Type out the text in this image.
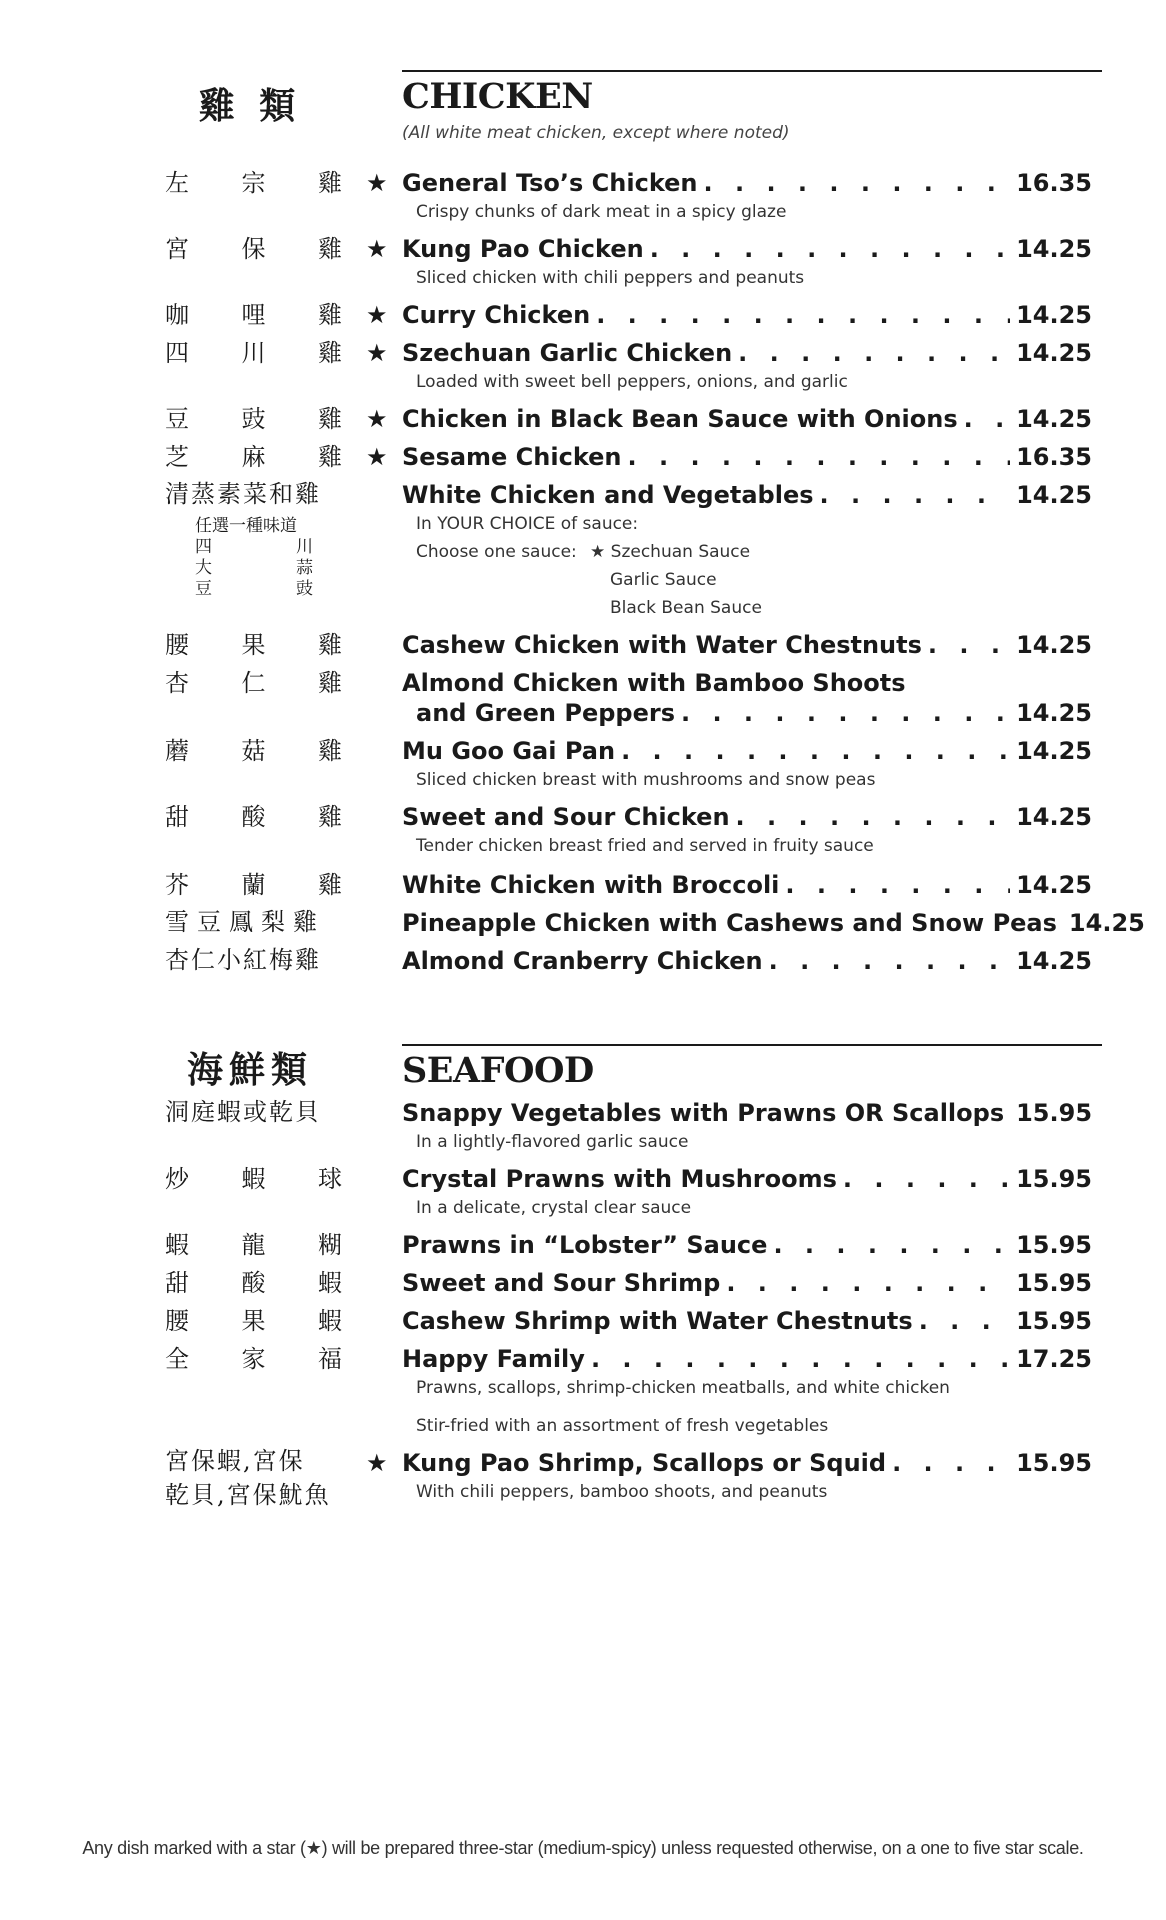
雞 類	CHICKEN
(All white meat chicken, except where noted)
左 宗 雞 ★ General Tso’s Chicken . . .	16.35
Crispy chunks of dark meat in a spicy glaze
宮 保 雞 ★ Kung Pao Chicken . . .	14.25
Sliced chicken with chili peppers and peanuts
咖 哩 雞 ★ Curry Chicken . . .	14.25
四 川 雞 ★ Szechuan Garlic Chicken . . .	14.25
Loaded with sweet bell peppers, onions, and garlic
豆 豉 雞 ★ Chicken in Black Bean Sauce with Onions . . . 14.25
芝 麻 雞 ★ Sesame Chicken . . .	16.35
清蒸素菜和雞	White Chicken and Vegetables . . .	14.25
In YOUR CHOICE of sauce:
任選一種味道
四	川
大	蒜
豆	豉
Choose one sauce: ★ Szechuan Sauce
Garlic Sauce
Black Bean Sauce
腰 果 雞 Cashew Chicken with Water Chestnuts . . .	14.25
杏 仁 雞 Almond Chicken with Bamboo Shoots
and Green Peppers . . .	14.25
蘑 菇 雞 Mu Goo Gai Pan . . .	14.25
Sliced chicken breast with mushrooms and snow peas
甜 酸 雞 Sweet and Sour Chicken . . .	14.25
Tender chicken breast fried and served in fruity sauce
芥 蘭 雞 White Chicken with Broccoli . . .	14.25
雪豆鳳梨雞	Pineapple Chicken with Cashews and Snow Peas 14.25
杏仁小紅梅雞	Almond Cranberry Chicken . . .	14.25
海鮮類	SEAFOOD
洞庭蝦或乾貝	Snappy Vegetables with Prawns OR Scallops 15.95
In a lightly-flavored garlic sauce
炒 蝦 球 Crystal Prawns with Mushrooms . . .	15.95
In a delicate, crystal clear sauce
蝦 龍 糊 Prawns in “Lobster” Sauce . . .	15.95
甜 酸 蝦 Sweet and Sour Shrimp . . .	15.95
腰 果 蝦 Cashew Shrimp with Water Chestnuts . . .	15.95
全 家 福 Happy Family . . .	17.25
Prawns, scallops, shrimp-chicken meatballs, and white chicken
Stir-fried with an assortment of fresh vegetables
宮保蝦,宮保
乾貝,宮保魷魚
★ Kung Pao Shrimp, Scallops or Squid . . .	15.95
With chili peppers, bamboo shoots, and peanuts
Any dish marked with a star (★) will be prepared three-star (medium-spicy) unless requested otherwise, on a one to five star scale.
